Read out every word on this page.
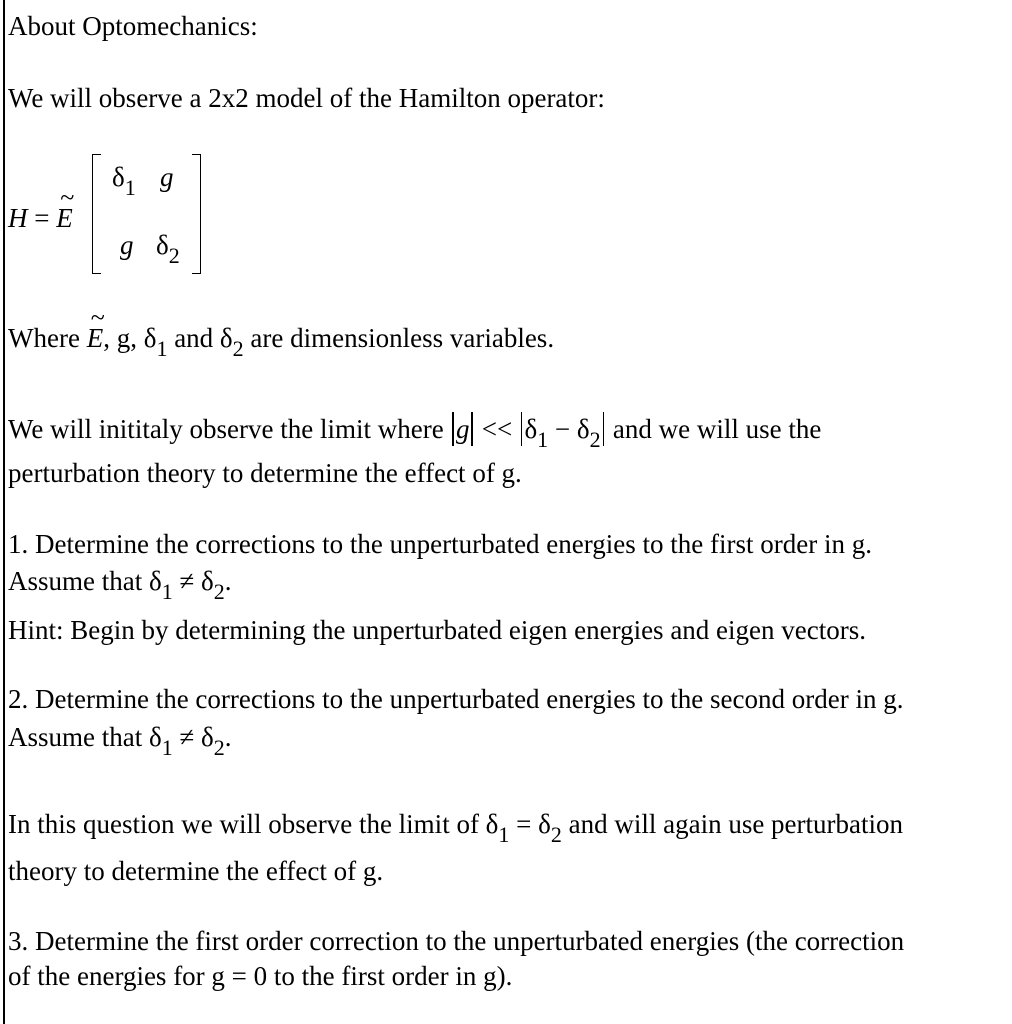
About Optomechanics:
We will observe a 2x2 model of the Hamilton operator:
H =
~
E
$\delta_1$ g
g $\delta_2$
Where
~
E, g, $\delta_1$ and $\delta_2$ are dimensionless variables.
We will inititaly observe the limit where $g << \delta_1 - \delta_2$ and we will use the
perturbation theory to determine the effect of g.
1. Determine the corrections to the unperturbated energies to the first order in g.
Assume that $\delta_1 \ne \delta_2$.
Hint: Begin by determining the unperturbated eigen energies and eigen vectors.
2. Determine the corrections to the unperturbated energies to the second order in g.
Assume that $\delta_1 \ne \delta_2$.
In this question we will observe the limit of $\delta_1 = \delta_2$ and will again use perturbation
theory to determine the effect of g.
3. Determine the first order correction to the unperturbated energies (the correction
of the energies for g = 0 to the first order in g).
